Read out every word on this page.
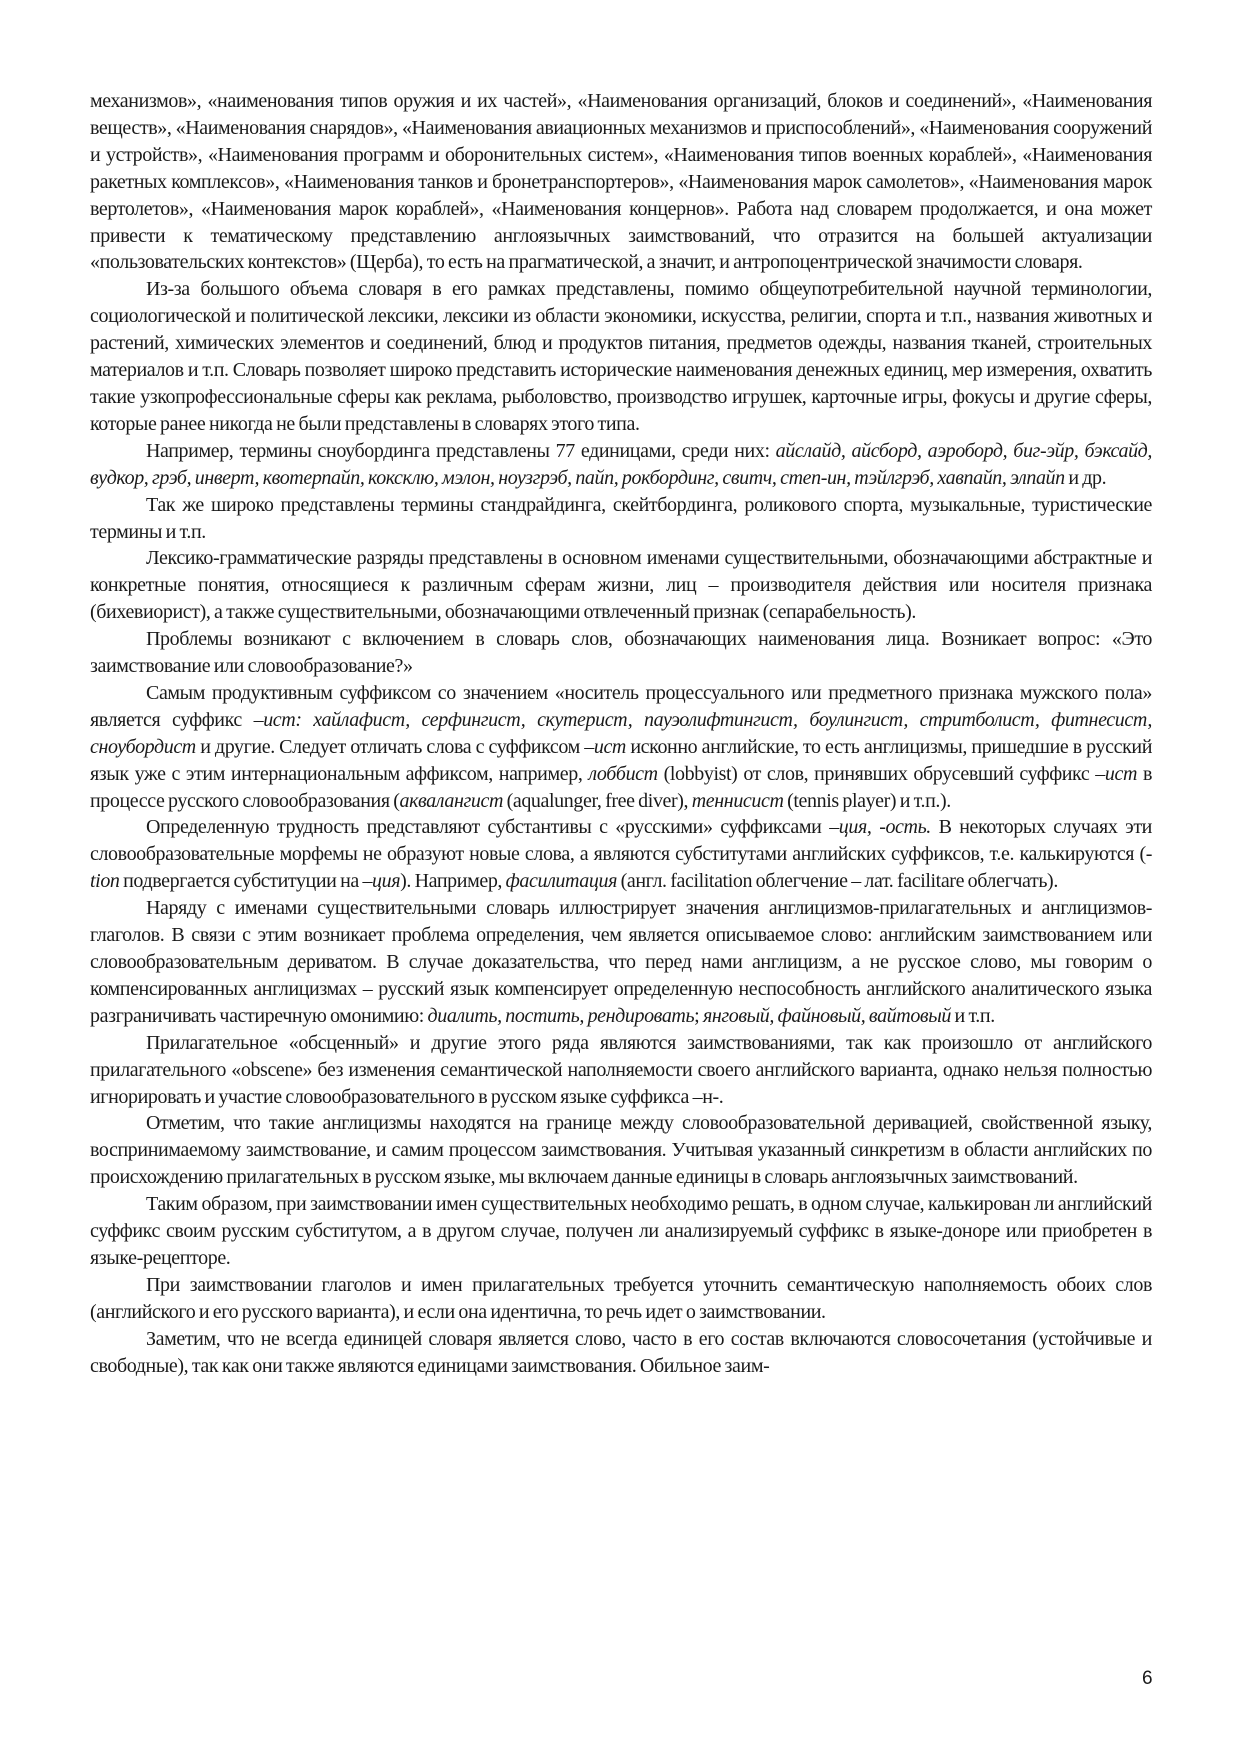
механизмов», «наименования типов оружия и их частей», «Наименования организаций, блоков и соединений», «Наименования веществ», «Наименования снарядов», «Наименования авиационных механизмов и приспособлений», «Наименования сооружений и устройств», «Наименования программ и оборонительных систем», «Наименования типов военных кораблей», «Наименования ракетных комплексов», «Наименования танков и бронетранспортеров», «Наименования марок самолетов», «Наименования марок вертолетов», «Наименования марок кораблей», «Наименования концернов». Работа над словарем продолжается, и она может привести к тематическому представлению англоязычных заимствований, что отразится на большей актуализации «пользовательских контекстов» (Щерба), то есть на прагматической, а значит, и антропоцентрической значимости словаря.

Из-за большого объема словаря в его рамках представлены, помимо общеупотребительной научной терминологии, социологической и политической лексики, лексики из области экономики, искусства, религии, спорта и т.п., названия животных и растений, химических элементов и соединений, блюд и продуктов питания, предметов одежды, названия тканей, строительных материалов и т.п. Словарь позволяет широко представить исторические наименования денежных единиц, мер измерения, охватить такие узкопрофессиональные сферы как реклама, рыболовство, производство игрушек, карточные игры, фокусы и другие сферы, которые ранее никогда не были представлены в словарях этого типа.

Например, термины сноубординга представлены 77 единицами, среди них: айслайд, айсборд, аэроборд, биг-эйр, бэксайд, вудкор, грэб, инверт, квотерпайп, коксклю, мэлон, ноузгрэб, пайп, рокбординг, свитч, степ-ин, тэйлгрэб, хавпайп, элпайп и др.

Так же широко представлены термины стандрайдинга, скейтбординга, роликового спорта, музыкальные, туристические термины и т.п.

Лексико-грамматические разряды представлены в основном именами существительными, обозначающими абстрактные и конкретные понятия, относящиеся к различным сферам жизни, лиц – производителя действия или носителя признака (бихевиорист), а также существительными, обозначающими отвлеченный признак (сепарабельность).

Проблемы возникают с включением в словарь слов, обозначающих наименования лица. Возникает вопрос: «Это заимствование или словообразование?»

Самым продуктивным суффиксом со значением «носитель процессуального или предметного признака мужского пола» является суффикс –ист: хайлафист, серфингист, скутерист, пауэолифтингист, боулингист, стритболист, фитнесист, сноубордист и другие. Следует отличать слова с суффиксом –ист исконно английские, то есть англицизмы, пришедшие в русский язык уже с этим интернациональным аффиксом, например, лоббист (lobbyist) от слов, принявших обрусевший суффикс –ист в процессе русского словообразования (аквалангист (aqualunger, free diver), теннисист (tennis player) и т.п.).

Определенную трудность представляют субстантивы с «русскими» суффиксами –ция, -ость. В некоторых случаях эти словообразовательные морфемы не образуют новые слова, а являются субститутами английских суффиксов, т.е. калькируются (-tion подвергается субституции на –ция). Например, фасилитация (англ. facilitation облегчение – лат. facilitare облегчать).

Наряду с именами существительными словарь иллюстрирует значения англицизмов-прилагательных и англицизмов-глаголов. В связи с этим возникает проблема определения, чем является описываемое слово: английским заимствованием или словообразовательным дериватом. В случае доказательства, что перед нами англицизм, а не русское слово, мы говорим о компенсированных англицизмах – русский язык компенсирует определенную неспособность английского аналитического языка разграничивать частиречную омонимию: диалить, постить, рендировать; янговый, файновый, вайтовый и т.п.

Прилагательное «обсценный» и другие этого ряда являются заимствованиями, так как произошло от английского прилагательного «obscene» без изменения семантической наполняемости своего английского варианта, однако нельзя полностью игнорировать и участие словообразовательного в русском языке суффикса –н-.

Отметим, что такие англицизмы находятся на границе между словообразовательной деривацией, свойственной языку, воспринимаемому заимствование, и самим процессом заимствования. Учитывая указанный синкретизм в области английских по происхождению прилагательных в русском языке, мы включаем данные единицы в словарь англоязычных заимствований.

Таким образом, при заимствовании имен существительных необходимо решать, в одном случае, калькирован ли английский суффикс своим русским субститутом, а в другом случае, получен ли анализируемый суффикс в языке-доноре или приобретен в языке-рецепторе.

При заимствовании глаголов и имен прилагательных требуется уточнить семантическую наполняемость обоих слов (английского и его русского варианта), и если она идентична, то речь идет о заимствовании.

Заметим, что не всегда единицей словаря является слово, часто в его состав включаются словосочетания (устойчивые и свободные), так как они также являются единицами заимствования. Обильное заим-

6
